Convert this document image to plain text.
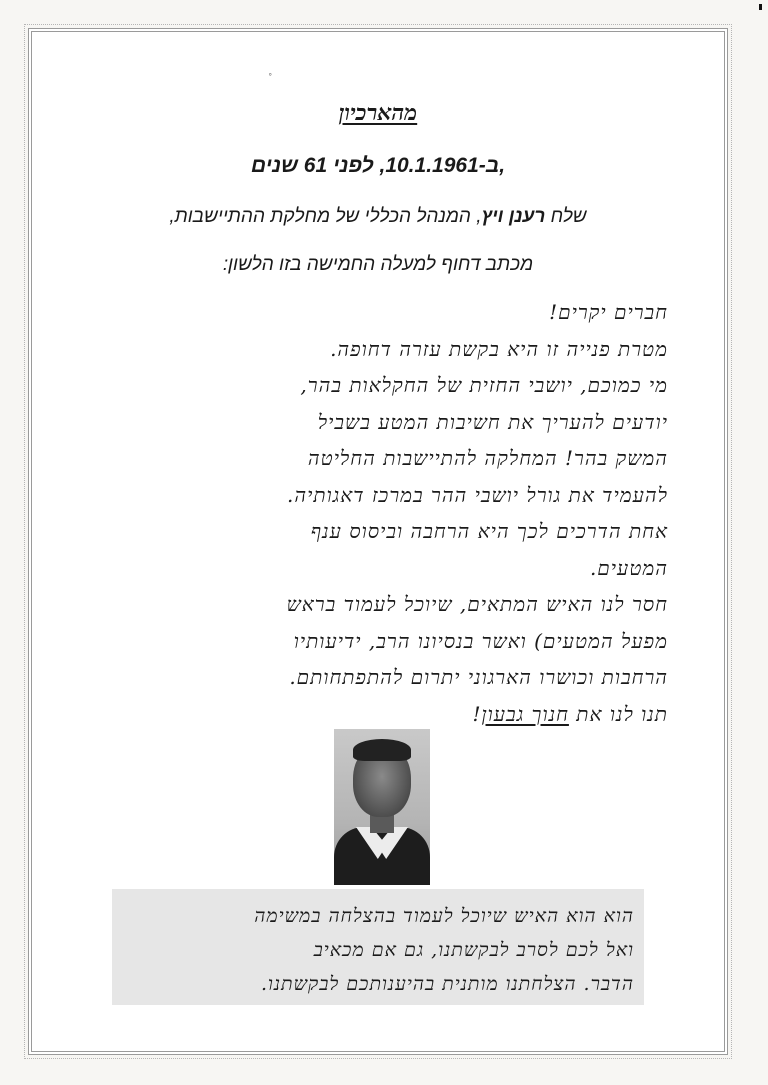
˚
מהארכיון
ב-10.1.1961, לפני 61 שנים,
שלח רענן ויץ, המנהל הכללי של מחלקת ההתיישבות,
מכתב דחוף למעלה החמישה בזו הלשון:
חברים יקרים!
מטרת פנייה זו היא בקשת עזרה דחופה.
מי כמוכם, יושבי החזית של החקלאות בהר,
יודעים להעריך את חשיבות המטע בשביל
המשק בהר! המחלקה להתיישבות החליטה
להעמיד את גורל יושבי ההר במרכז דאגותיה.
אחת הדרכים לכך היא הרחבה וביסוס ענף
המטעים.
חסר לנו האיש המתאים, שיוכל לעמוד בראש
מפעל המטעים) ואשר בנסיונו הרב, ידיעותיו
הרחבות וכושרו הארגוני יתרום להתפתחותם.
תנו לנו את חנוך גבעון!
הוא הוא האיש שיוכל לעמוד בהצלחה במשימה
ואל לכם לסרב לבקשתנו, גם אם מכאיב
הדבר. הצלחתנו מותנית בהיענותכם לבקשתנו.
